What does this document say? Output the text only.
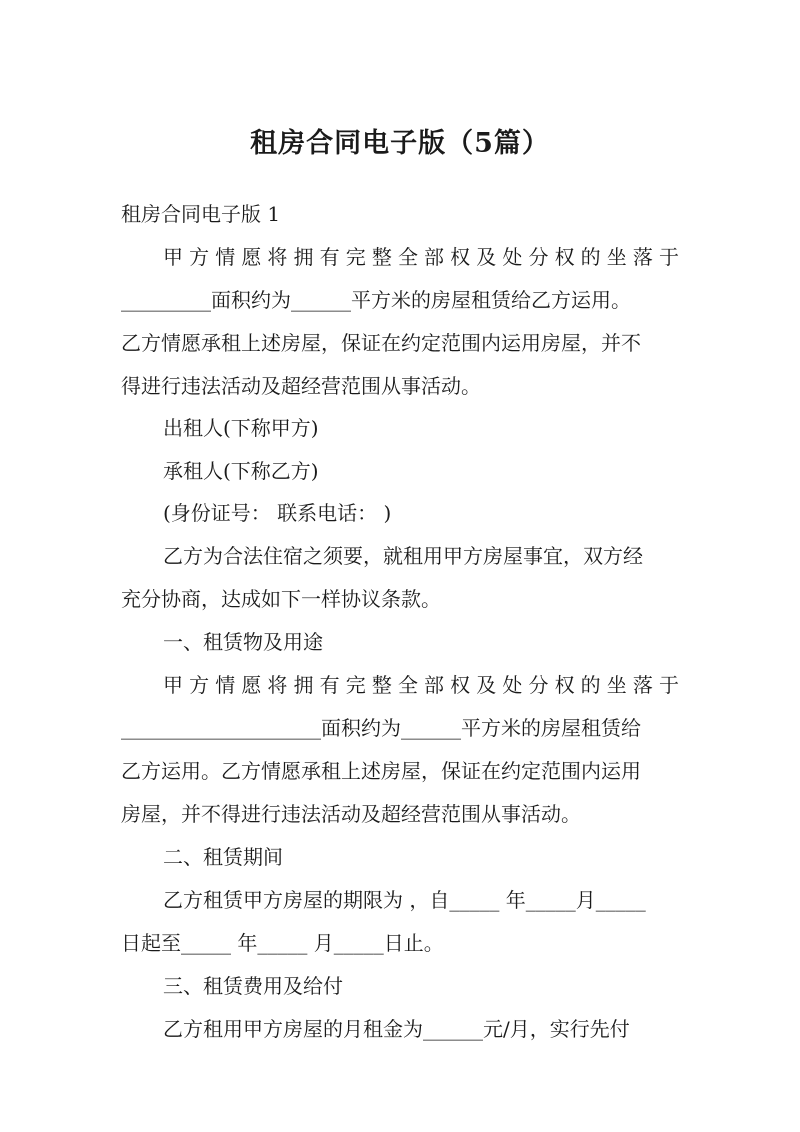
租房合同电子版（5篇）
租房合同电子版 1
甲方情愿将拥有完整全部权及处分权的坐落于
_________面积约为______平方米的房屋租赁给乙方运用。
乙方情愿承租上述房屋，保证在约定范围内运用房屋，并不
得进行违法活动及超经营范围从事活动。
出租人(下称甲方)
承租人(下称乙方)
(身份证号： 联系电话： )
乙方为合法住宿之须要，就租用甲方房屋事宜，双方经
充分协商，达成如下一样协议条款。
一、租赁物及用途
甲方情愿将拥有完整全部权及处分权的坐落于
____________________面积约为______平方米的房屋租赁给
乙方运用。乙方情愿承租上述房屋，保证在约定范围内运用
房屋，并不得进行违法活动及超经营范围从事活动。
二、租赁期间
乙方租赁甲方房屋的期限为 ，自_____ 年_____月_____
日起至_____ 年_____ 月_____日止。
三、租赁费用及给付
乙方租用甲方房屋的月租金为______元/月，实行先付
